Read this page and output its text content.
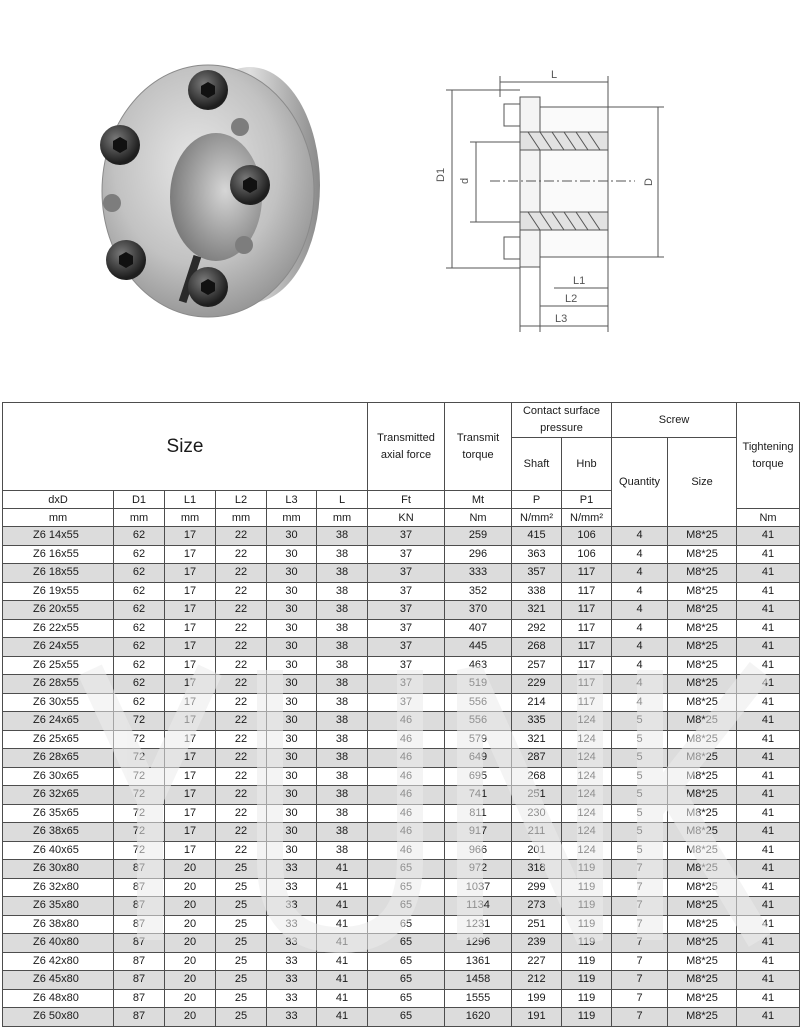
L
D1 d	D
L1
L2
L3
Size						Transmitted axial force	Transmit torque	Contact surface pressure		Screw		Tightening torque
								Shaft	Hnb	Quantity	Size	
dxD	D1	L1	L2	L3	L	Ft	Mt	P	P1			
mm	mm	mm	mm	mm	mm	KN	Nm	N/mm²	N/mm²			Nm
Z6 14x55	62	17	22	30	38	37	259	415	106	4	M8*25	41
Z6 16x55	62	17	22	30	38	37	296	363	106	4	M8*25	41
Z6 18x55	62	17	22	30	38	37	333	357	117	4	M8*25	41
Z6 19x55	62	17	22	30	38	37	352	338	117	4	M8*25	41
Z6 20x55	62	17	22	30	38	37	370	321	117	4	M8*25	41
Z6 22x55	62	17	22	30	38	37	407	292	117	4	M8*25	41
Z6 24x55	62	17	22	30	38	37	445	268	117	4	M8*25	41
Z6 25x55	62	17	22	30	38	37	463	257	117	4	M8*25	41
Z6 28x55	62	17	22	30	38	37	519	229	117	4	M8*25	41
Z6 30x55	62	17	22	30	38	37	556	214	117	4	M8*25	41
Z6 24x65	72	17	22	30	38	46	556	335	124	5	M8*25	41
Z6 25x65	72	17	22	30	38	46	579	321	124	5	M8*25	41
Z6 28x65	72	17	22	30	38	46	649	287	124	5	M8*25	41
Z6 30x65	72	17	22	30	38	46	695	268	124	5	M8*25	41
Z6 32x65	72	17	22	30	38	46	741	251	124	5	M8*25	41
Z6 35x65	72	17	22	30	38	46	811	230	124	5	M8*25	41
Z6 38x65	72	17	22	30	38	46	917	211	124	5	M8*25	41
Z6 40x65	72	17	22	30	38	46	966	201	124	5	M8*25	41
Z6 30x80	87	20	25	33	41	65	972	318	119	7	M8*25	41
Z6 32x80	87	20	25	33	41	65	1037	299	119	7	M8*25	41
Z6 35x80	87	20	25	33	41	65	1134	273	119	7	M8*25	41
Z6 38x80	87	20	25	33	41	65	1231	251	119	7	M8*25	41
Z6 40x80	87	20	25	33	41	65	1296	239	119	7	M8*25	41
Z6 42x80	87	20	25	33	41	65	1361	227	119	7	M8*25	41
Z6 45x80	87	20	25	33	41	65	1458	212	119	7	M8*25	41
Z6 48x80	87	20	25	33	41	65	1555	199	119	7	M8*25	41
Z6 50x80	87	20	25	33	41	65	1620	191	119	7	M8*25	41
